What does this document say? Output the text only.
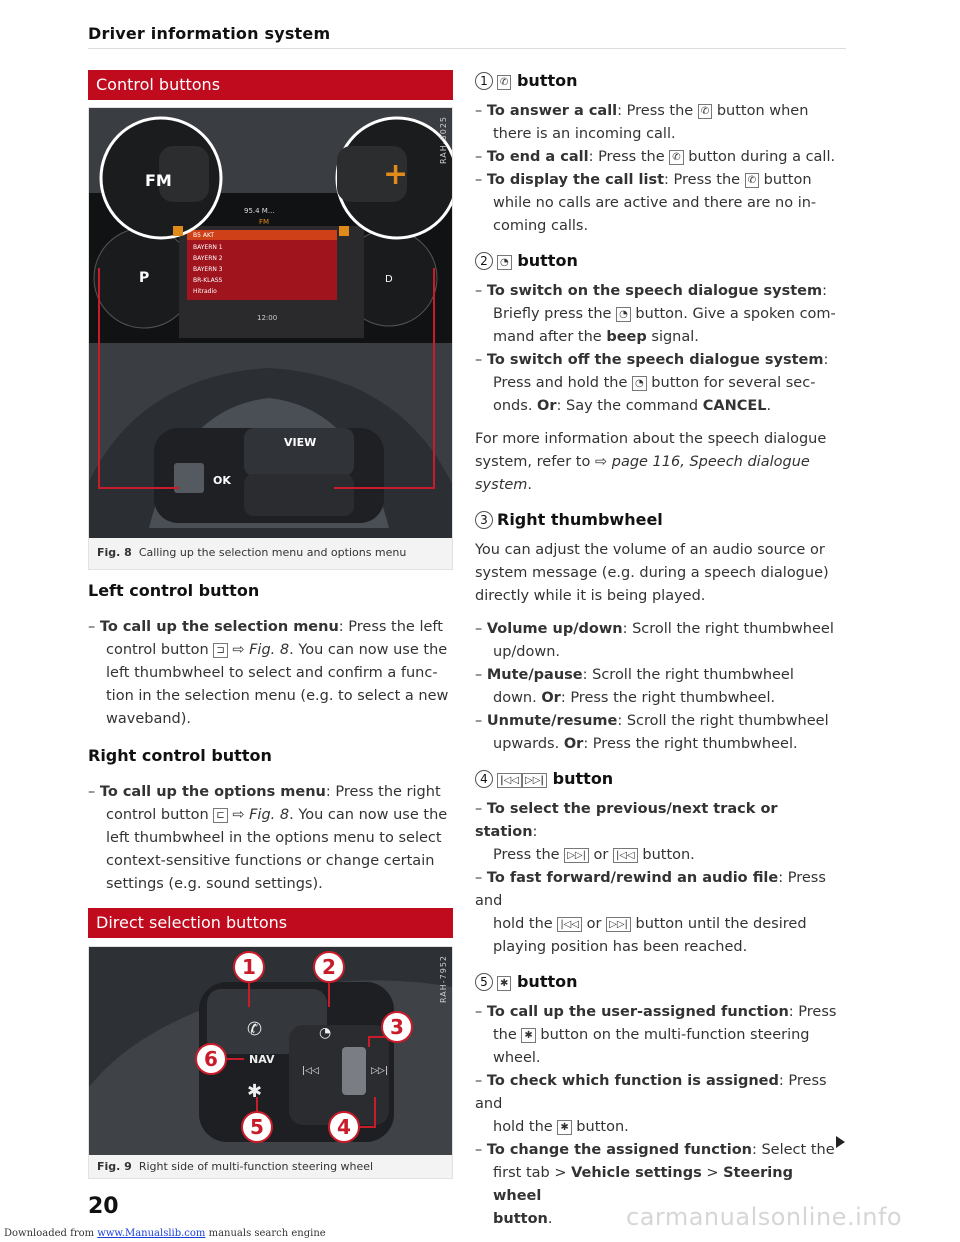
Driver information system
Control buttons
B5 AKT
BAYERN 1
BAYERN 2
BAYERN 3
BR-KLASS
Hitradio
FM	+
95.4 M...
FM
12:00
P	D
VIEW
OK
RAH-8025
Fig. 8 Calling up the selection menu and options menu

Left control button

– To call up the selection menu: Press the left

control button ⊐ ⇨ Fig. 8. You can now use the

left thumbwheel to select and confirm a func-

tion in the selection menu (e.g. to select a new

waveband).

Right control button

– To call up the options menu: Press the right

control button ⊏ ⇨ Fig. 8. You can now use the

left thumbwheel in the options menu to select

context-sensitive functions or change certain

settings (e.g. sound settings).

Direct selection buttons
1	2
3
4
5
6
✆	◔
NAV
✱
|◁◁	▷▷|
RAH-7952
Fig. 9 Right side of multi-function steering wheel

1 ✆ button

– To answer a call: Press the ✆ button when

there is an incoming call.

– To end a call: Press the ✆ button during a call.

– To display the call list: Press the ✆ button

while no calls are active and there are no in-

coming calls.

2 ◔ button

– To switch on the speech dialogue system:

Briefly press the ◔ button. Give a spoken com-

mand after the beep signal.

– To switch off the speech dialogue system:

Press and hold the ◔ button for several sec-

onds. Or: Say the command CANCEL.

For more information about the speech dialogue

system, refer to ⇨ page 116, Speech dialogue

system.

3 Right thumbwheel

You can adjust the volume of an audio source or

system message (e.g. during a speech dialogue)

directly while it is being played.

– Volume up/down: Scroll the right thumbwheel

up/down.

– Mute/pause: Scroll the right thumbwheel

down. Or: Press the right thumbwheel.

– Unmute/resume: Scroll the right thumbwheel

upwards. Or: Press the right thumbwheel.

4 |◁◁ ▷▷| button

– To select the previous/next track or station:

Press the ▷▷| or |◁◁ button.

– To fast forward/rewind an audio file: Press and

hold the |◁◁ or ▷▷| button until the desired

playing position has been reached.

5 ✱ button

– To call up the user-assigned function: Press

the ✱ button on the multi-function steering

wheel.

– To check which function is assigned: Press and

hold the ✱ button.

– To change the assigned function: Select the

first tab > Vehicle settings > Steering wheel

button.

20	carmanualsonline.info
Downloaded from www.Manualslib.com manuals search engine
